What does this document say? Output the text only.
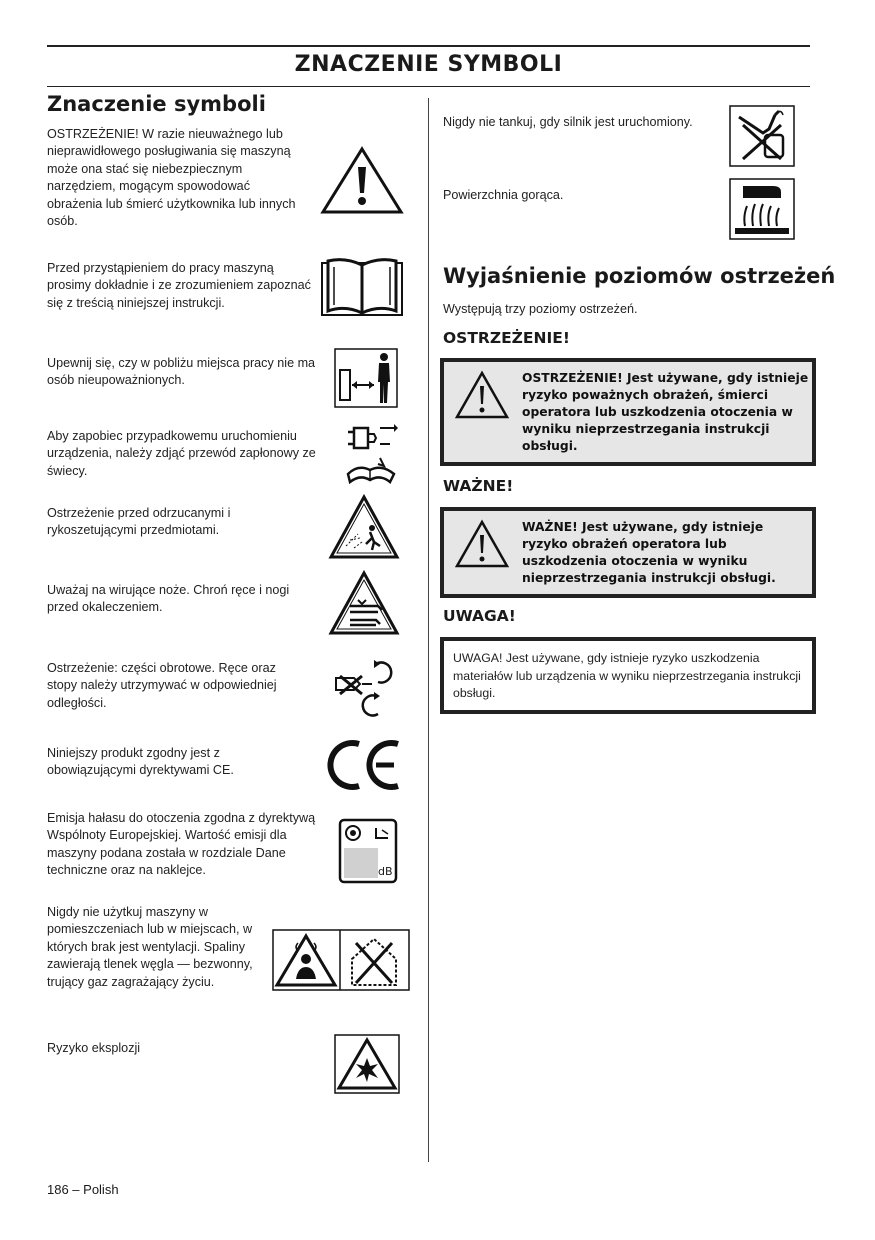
ZNACZENIE SYMBOLI
Znaczenie symboli
OSTRZEŻENIE! W razie nieuważnego lub nieprawidłowego posługiwania się maszyną może ona stać się niebezpiecznym narzędziem, mogącym spowodować obrażenia lub śmierć użytkownika lub innych osób.
Przed przystąpieniem do pracy maszyną prosimy dokładnie i ze zrozumieniem zapoznać się z treścią niniejszej instrukcji.
Upewnij się, czy w pobliżu miejsca pracy nie ma osób nieupoważnionych.
Aby zapobiec przypadkowemu uruchomieniu urządzenia, należy zdjąć przewód zapłonowy ze świecy.
Ostrzeżenie przed odrzucanymi i rykoszetującymi przedmiotami.
Uważaj na wirujące noże. Chroń ręce i nogi przed okaleczeniem.
Ostrzeżenie: części obrotowe. Ręce oraz stopy należy utrzymywać w odpowiedniej odległości.
Niniejszy produkt zgodny jest z obowiązującymi dyrektywami CE.
Emisja hałasu do otoczenia zgodna z dyrektywą Wspólnoty Europejskiej. Wartość emisji dla maszyny podana została w rozdziale Dane techniczne oraz na naklejce.	dB
Nigdy nie użytkuj maszyny w pomieszczeniach lub w miejscach, w których brak jest wentylacji. Spaliny zawierają tlenek węgla — bezwonny, trujący gaz zagrażający życiu.
Ryzyko eksplozji
Nigdy nie tankuj, gdy silnik jest uruchomiony.
Powierzchnia gorąca.
Wyjaśnienie poziomów ostrzeżeń
Występują trzy poziomy ostrzeżeń.
OSTRZEŻENIE!
OSTRZEŻENIE! Jest używane, gdy istnieje ryzyko poważnych obrażeń, śmierci operatora lub uszkodzenia otoczenia w wyniku nieprzestrzegania instrukcji obsługi.
WAŻNE!
WAŻNE! Jest używane, gdy istnieje ryzyko obrażeń operatora lub uszkodzenia otoczenia w wyniku nieprzestrzegania instrukcji obsługi.
UWAGA!
UWAGA! Jest używane, gdy istnieje ryzyko uszkodzenia materiałów lub urządzenia w wyniku nieprzestrzegania instrukcji obsługi.
186 – Polish
